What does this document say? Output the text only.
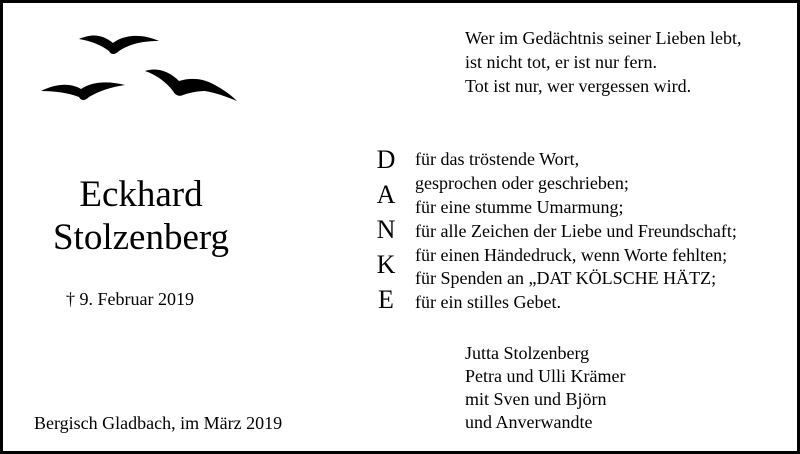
Wer im Gedächtnis seiner Lieben lebt,
ist nicht tot, er ist nur fern.
Tot ist nur, wer vergessen wird.
Eckhard
Stolzenberg
† 9. Februar 2019
D
A
N
K
E
für das tröstende Wort,
gesprochen oder geschrieben;
für eine stumme Umarmung;
für alle Zeichen der Liebe und Freundschaft;
für einen Händedruck, wenn Worte fehlten;
für Spenden an „DAT KÖLSCHE HÄTZ;
für ein stilles Gebet.
Jutta Stolzenberg
Petra und Ulli Krämer
mit Sven und Björn
und Anverwandte
Bergisch Gladbach, im März 2019
